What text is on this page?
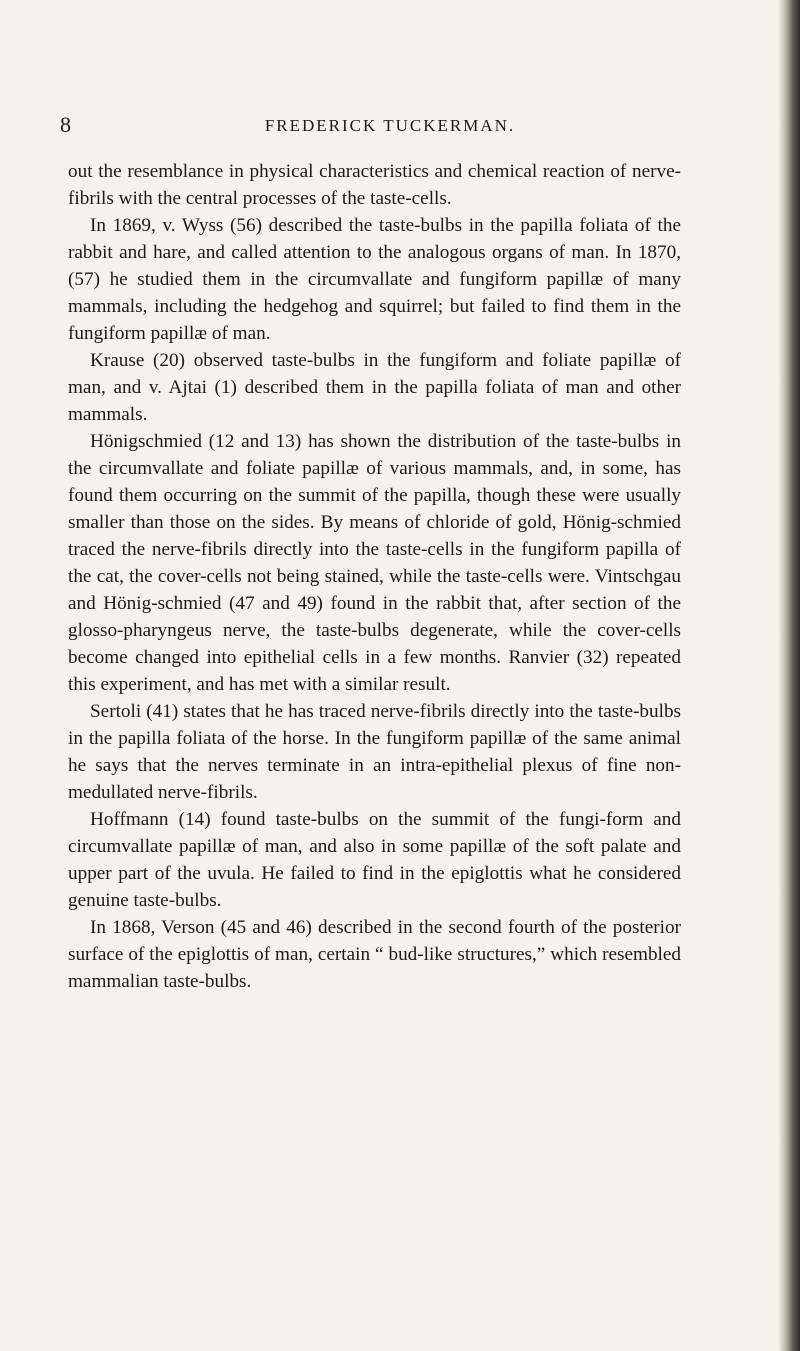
8	FREDERICK TUCKERMAN.

out the resemblance in physical characteristics and chemical reaction of nerve-fibrils with the central processes of the taste-cells.

In 1869, v. Wyss (56) described the taste-bulbs in the papilla foliata of the rabbit and hare, and called attention to the analogous organs of man. In 1870, (57) he studied them in the circumvallate and fungiform papillæ of many mammals, including the hedgehog and squirrel; but failed to find them in the fungiform papillæ of man.

Krause (20) observed taste-bulbs in the fungiform and foliate papillæ of man, and v. Ajtai (1) described them in the papilla foliata of man and other mammals.

Hönigschmied (12 and 13) has shown the distribution of the taste-bulbs in the circumvallate and foliate papillæ of various mammals, and, in some, has found them occurring on the summit of the papilla, though these were usually smaller than those on the sides. By means of chloride of gold, Hönig-schmied traced the nerve-fibrils directly into the taste-cells in the fungiform papilla of the cat, the cover-cells not being stained, while the taste-cells were. Vintschgau and Hönig-schmied (47 and 49) found in the rabbit that, after section of the glosso-pharyngeus nerve, the taste-bulbs degenerate, while the cover-cells become changed into epithelial cells in a few months. Ranvier (32) repeated this experiment, and has met with a similar result.

Sertoli (41) states that he has traced nerve-fibrils directly into the taste-bulbs in the papilla foliata of the horse. In the fungiform papillæ of the same animal he says that the nerves terminate in an intra-epithelial plexus of fine non-medullated nerve-fibrils.

Hoffmann (14) found taste-bulbs on the summit of the fungi-form and circumvallate papillæ of man, and also in some papillæ of the soft palate and upper part of the uvula. He failed to find in the epiglottis what he considered genuine taste-bulbs.

In 1868, Verson (45 and 46) described in the second fourth of the posterior surface of the epiglottis of man, certain “ bud-like structures,” which resembled mammalian taste-bulbs.
